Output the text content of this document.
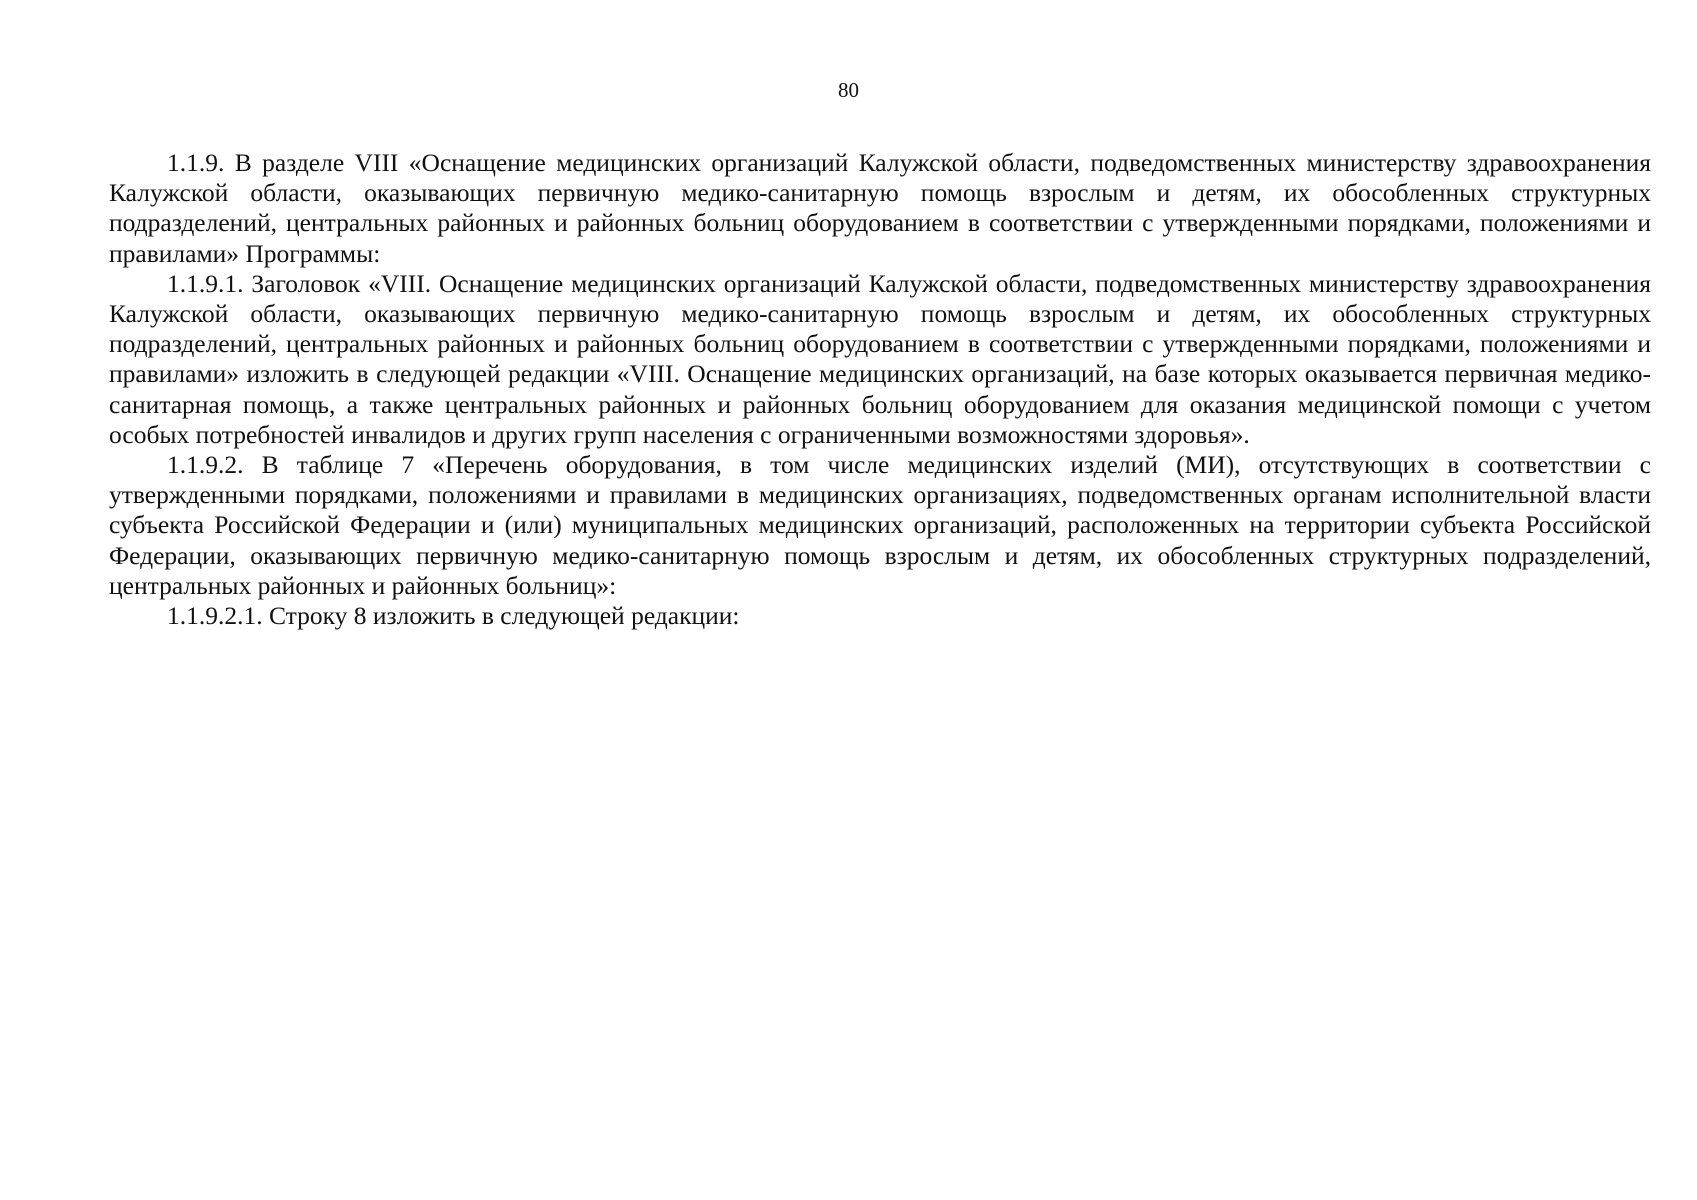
80

1.1.9. В разделе VIII «Оснащение медицинских организаций Калужской области, подведомственных министерству здравоохранения Калужской области, оказывающих первичную медико-санитарную помощь взрослым и детям, их обособленных структурных подразделений, центральных районных и районных больниц оборудованием в соответствии с утвержденными порядками, положениями и правилами» Программы:

1.1.9.1. Заголовок «VIII. Оснащение медицинских организаций Калужской области, подведомственных министерству здравоохранения Калужской области, оказывающих первичную медико-санитарную помощь взрослым и детям, их обособленных структурных подразделений, центральных районных и районных больниц оборудованием в соответствии с утвержденными порядками, положениями и правилами» изложить в следующей редакции «VIII. Оснащение медицинских организаций, на базе которых оказывается первичная медико-санитарная помощь, а также центральных районных и районных больниц оборудованием для оказания медицинской помощи с учетом особых потребностей инвалидов и других групп населения с ограниченными возможностями здоровья».

1.1.9.2. В таблице 7 «Перечень оборудования, в том числе медицинских изделий (МИ), отсутствующих в соответствии с утвержденными порядками, положениями и правилами в медицинских организациях, подведомственных органам исполнительной власти субъекта Российской Федерации и (или) муниципальных медицинских организаций, расположенных на территории субъекта Российской Федерации, оказывающих первичную медико-санитарную помощь взрослым и детям, их обособленных структурных подразделений, центральных районных и районных больниц»:

1.1.9.2.1. Строку 8 изложить в следующей редакции:
